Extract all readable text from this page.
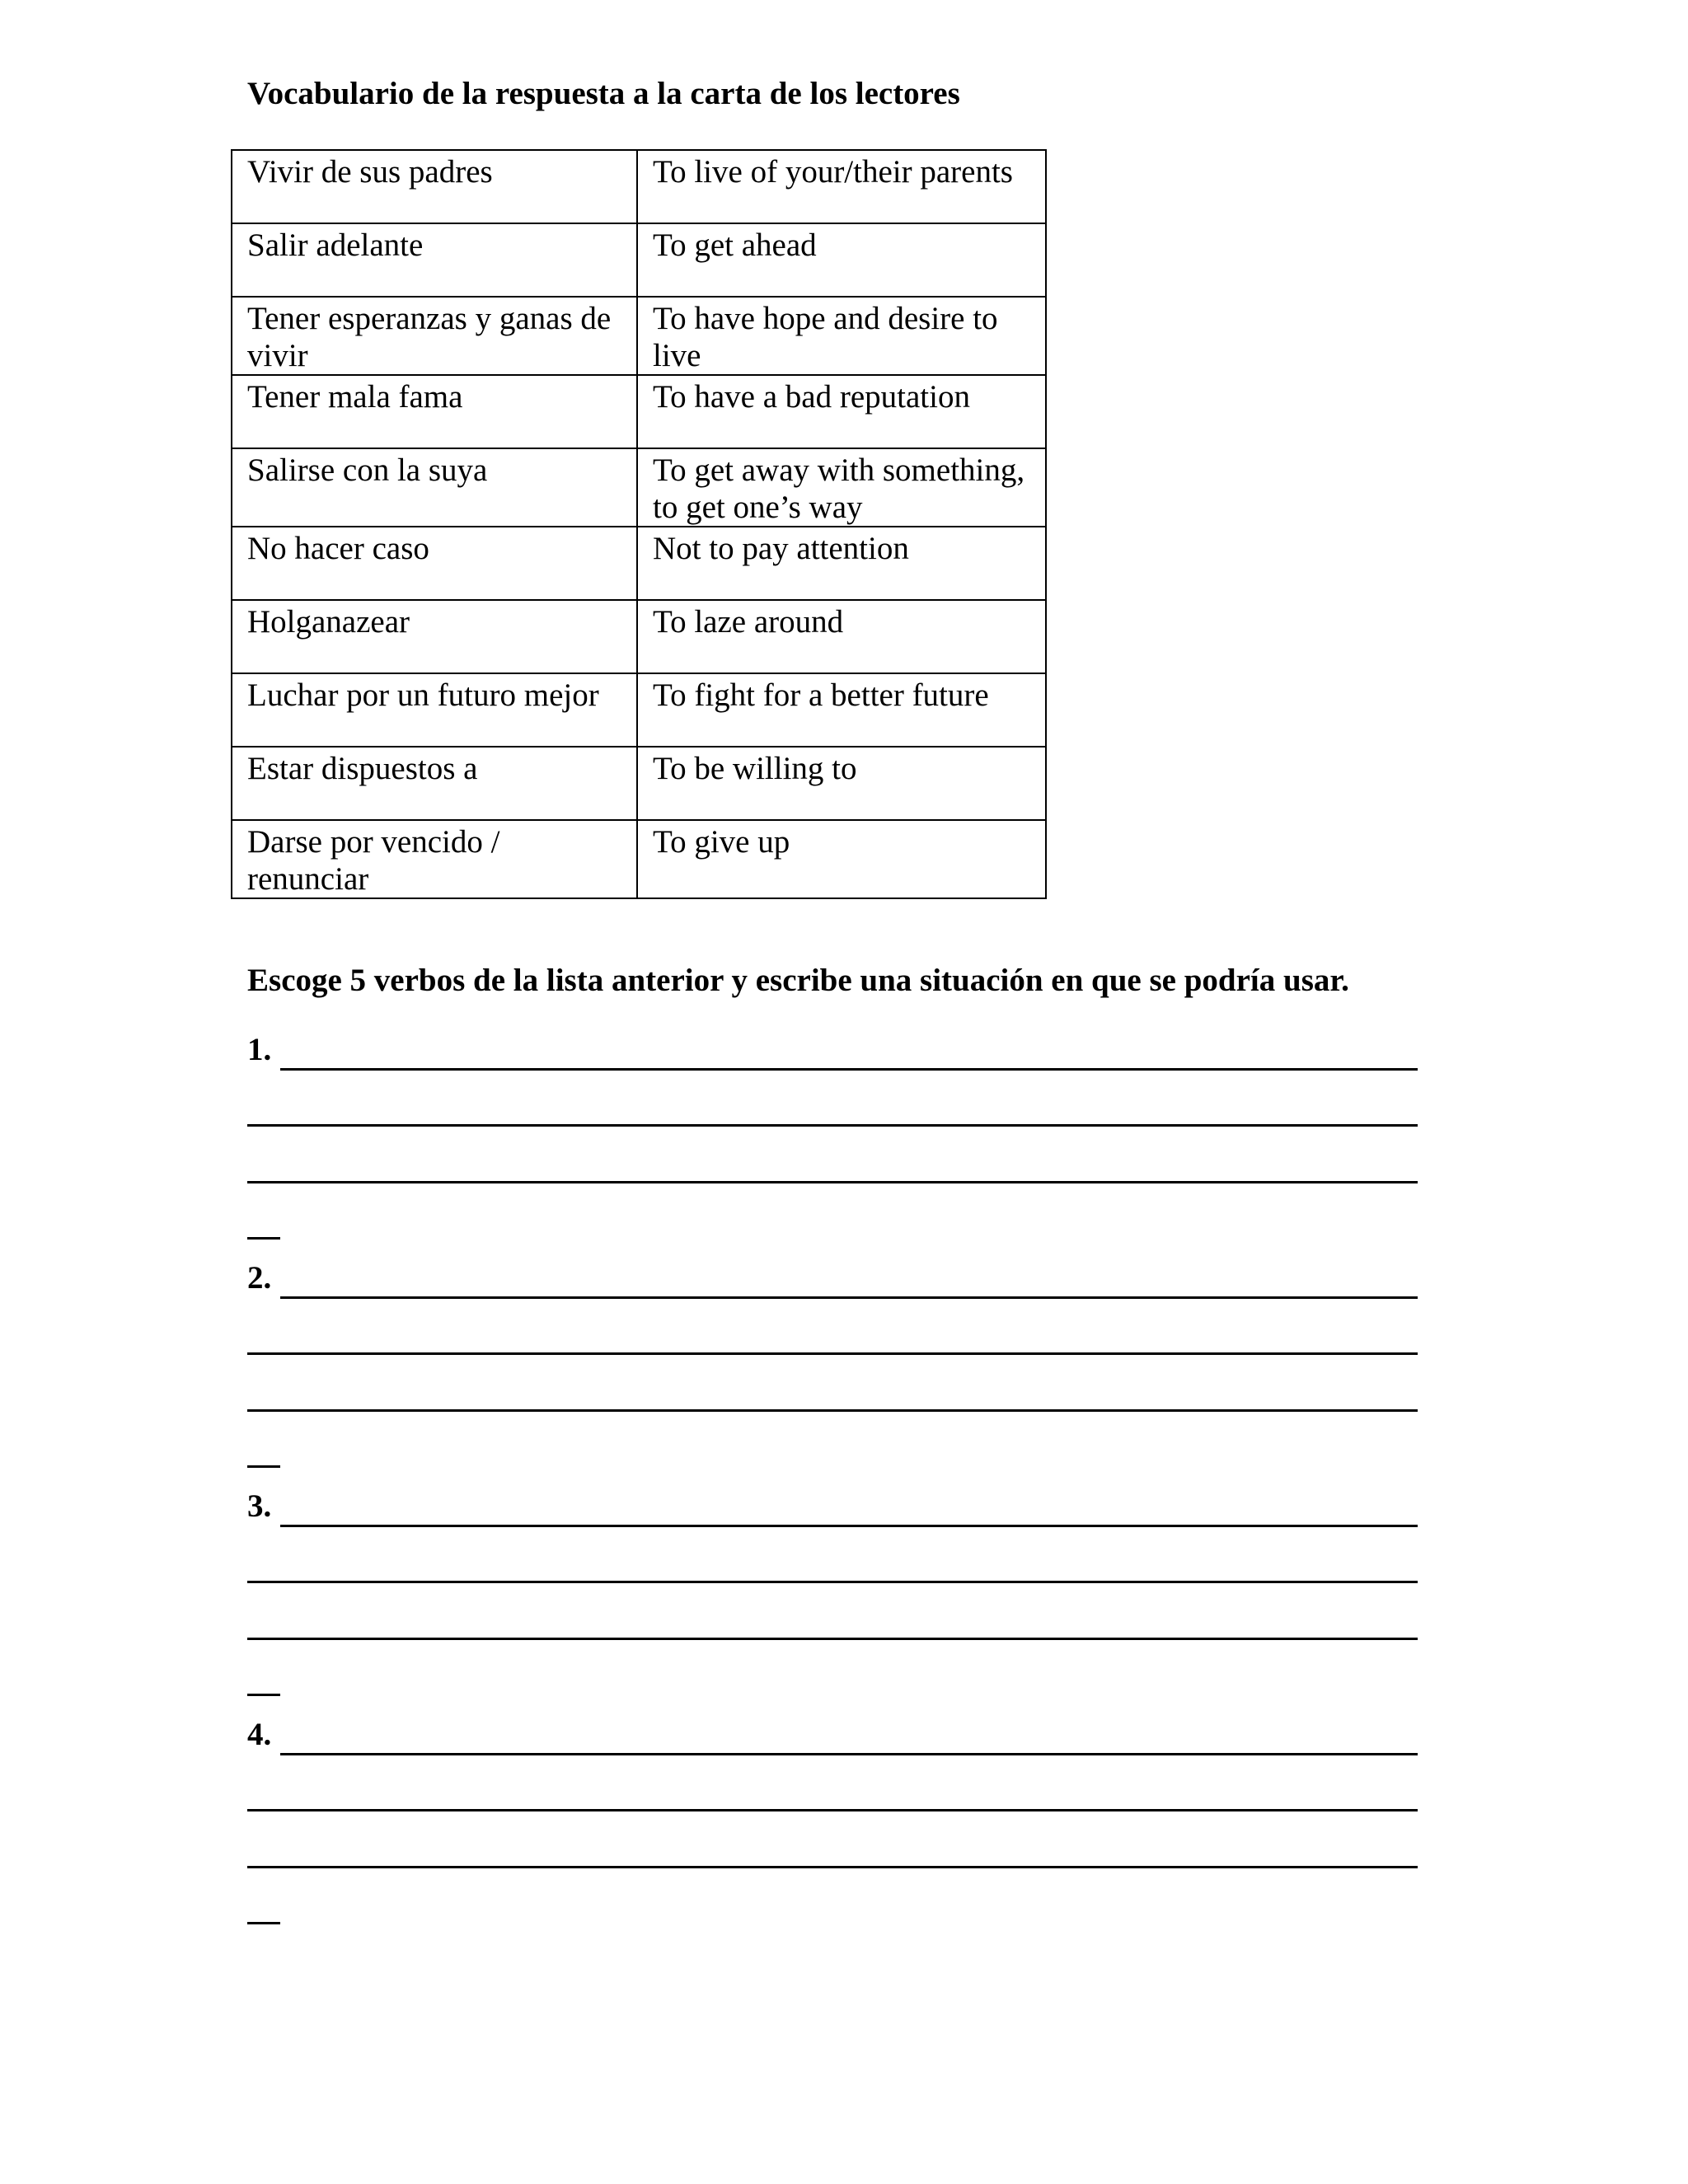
Vocabulario de la respuesta a la carta de los lectores
Vivir de sus padres	To live of your/their parents
Salir adelante	To get ahead
Tener esperanzas y ganas de vivir	To have hope and desire to live
Tener mala fama	To have a bad reputation
Salirse con la suya	To get away with something, to get one’s way
No hacer caso	Not to pay attention
Holganazear	To laze around
Luchar por un futuro mejor	To fight for a better future
Estar dispuestos a	To be willing to
Darse por vencido / renunciar	To give up
Escoge 5 verbos de la lista anterior y escribe una situación en que se podría usar.
1.
2.
3.
4.
